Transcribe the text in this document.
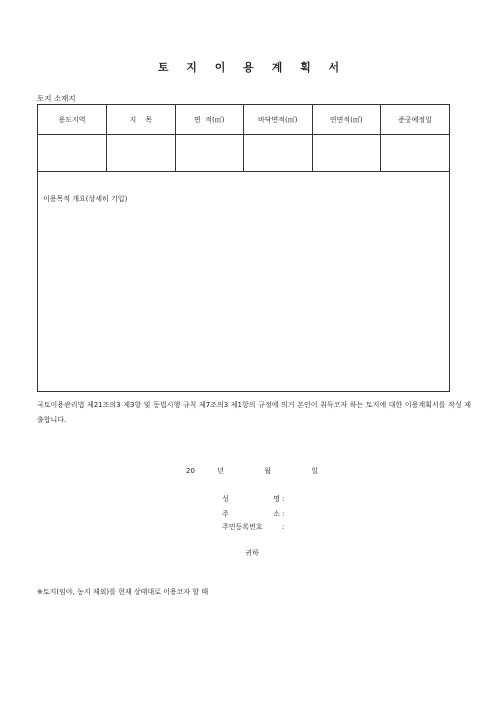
토 지 이 용 계 획 서
토지 소재지
용도지역	지    목	면  적(㎡)	바닥면적(㎡)	연면적(㎡)	준공예정일

이용목적 개요(상세히 기입)
국토이용관리법 제21조의3 제3항 및 동법시행 규칙 제7조의3 제1항의 규정에 의거 본인이 취득코자 하는 토지에 대한 이용계획서를 작성 제출합니다.
20	년	월	일
성 명 :
주 소 :
주민등록번호	:
귀하
※토지(임야, 농지 제외)를 현재 상태대로 이용코자 할 때
